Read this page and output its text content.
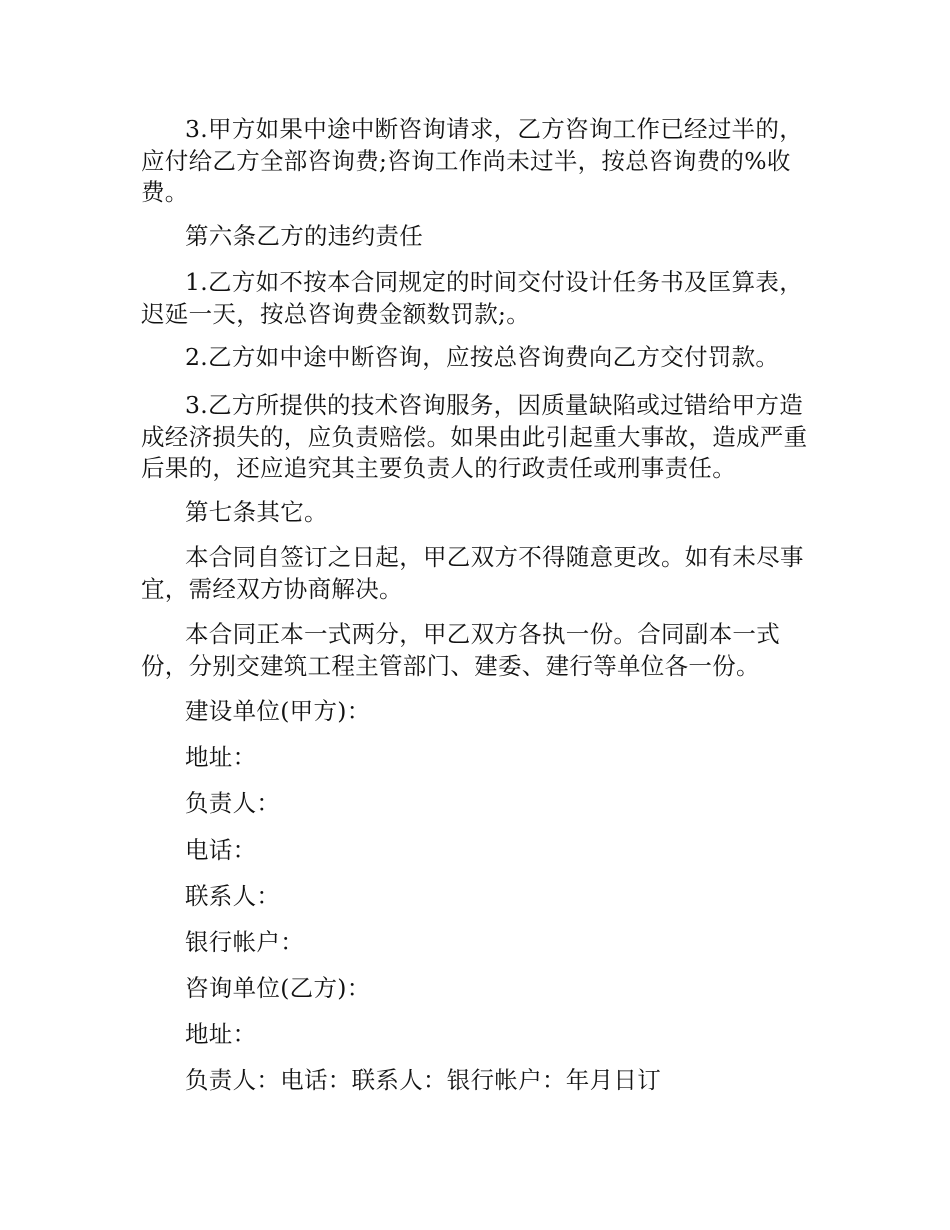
3.甲方如果中途中断咨询请求，乙方咨询工作已经过半的，应付给乙方全部咨询费;咨询工作尚未过半，按总咨询费的%收费。

第六条乙方的违约责任

1.乙方如不按本合同规定的时间交付设计任务书及匡算表，迟延一天，按总咨询费金额数罚款;。

2.乙方如中途中断咨询，应按总咨询费向乙方交付罚款。

3.乙方所提供的技术咨询服务，因质量缺陷或过错给甲方造成经济损失的，应负责赔偿。如果由此引起重大事故，造成严重后果的，还应追究其主要负责人的行政责任或刑事责任。

第七条其它。

本合同自签订之日起，甲乙双方不得随意更改。如有未尽事宜，需经双方协商解决。

本合同正本一式两分，甲乙双方各执一份。合同副本一式份，分别交建筑工程主管部门、建委、建行等单位各一份。

建设单位(甲方)：

地址：

负责人：

电话：

联系人：

银行帐户：

咨询单位(乙方)：

地址：

负责人：电话：联系人：银行帐户：年月日订
